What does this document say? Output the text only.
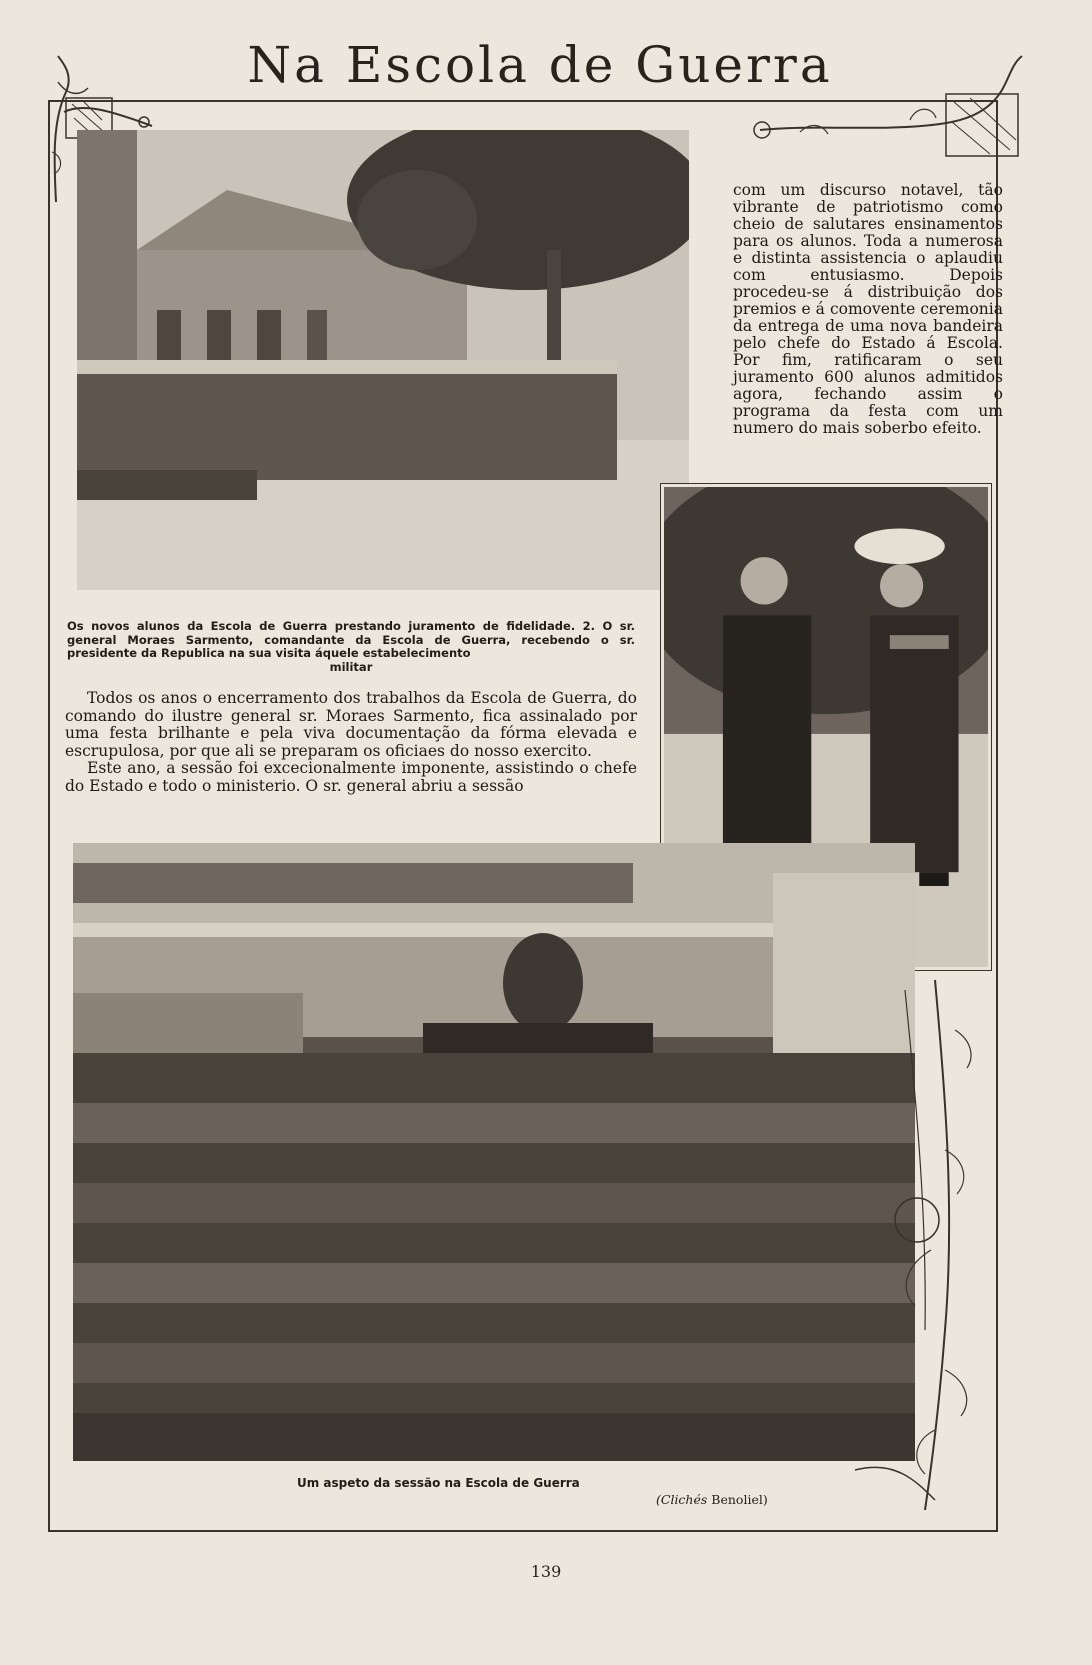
Na Escola de Guerra
Os novos alunos da Escola de Guerra prestando juramento de fidelidade. 2. O sr. general Moraes Sarmento, comandante da Escola de Guerra, recebendo o sr. presidente da Republica na sua visita áquele estabelecimento
militar

Todos os anos o encerramento dos trabalhos da Escola de Guerra, do comando do ilustre general sr. Moraes Sarmento, fica assinalado por uma festa brilhante e pela viva documentação da fórma elevada e escrupulosa, por que ali se preparam os oficiaes do nosso exercito.

Este ano, a sessão foi excecionalmente imponente, assistindo o chefe do Estado e todo o ministerio. O sr. general abriu a sessão

com um discurso notavel, tão vibrante de patriotismo como cheio de salutares ensinamentos para os alunos. Toda a numerosa e distinta assistencia o aplaudiu com entusiasmo. Depois procedeu-se á distribuição dos premios e á comovente ceremonia da entrega de uma nova bandeira pelo chefe do Estado á Escola. Por fim, ratificaram o seu juramento 600 alunos admitidos agora, fechando assim o programa da festa com um numero do mais soberbo efeito.
Um aspeto da sessão na Escola de Guerra
(Clichés Benoliel)
139
